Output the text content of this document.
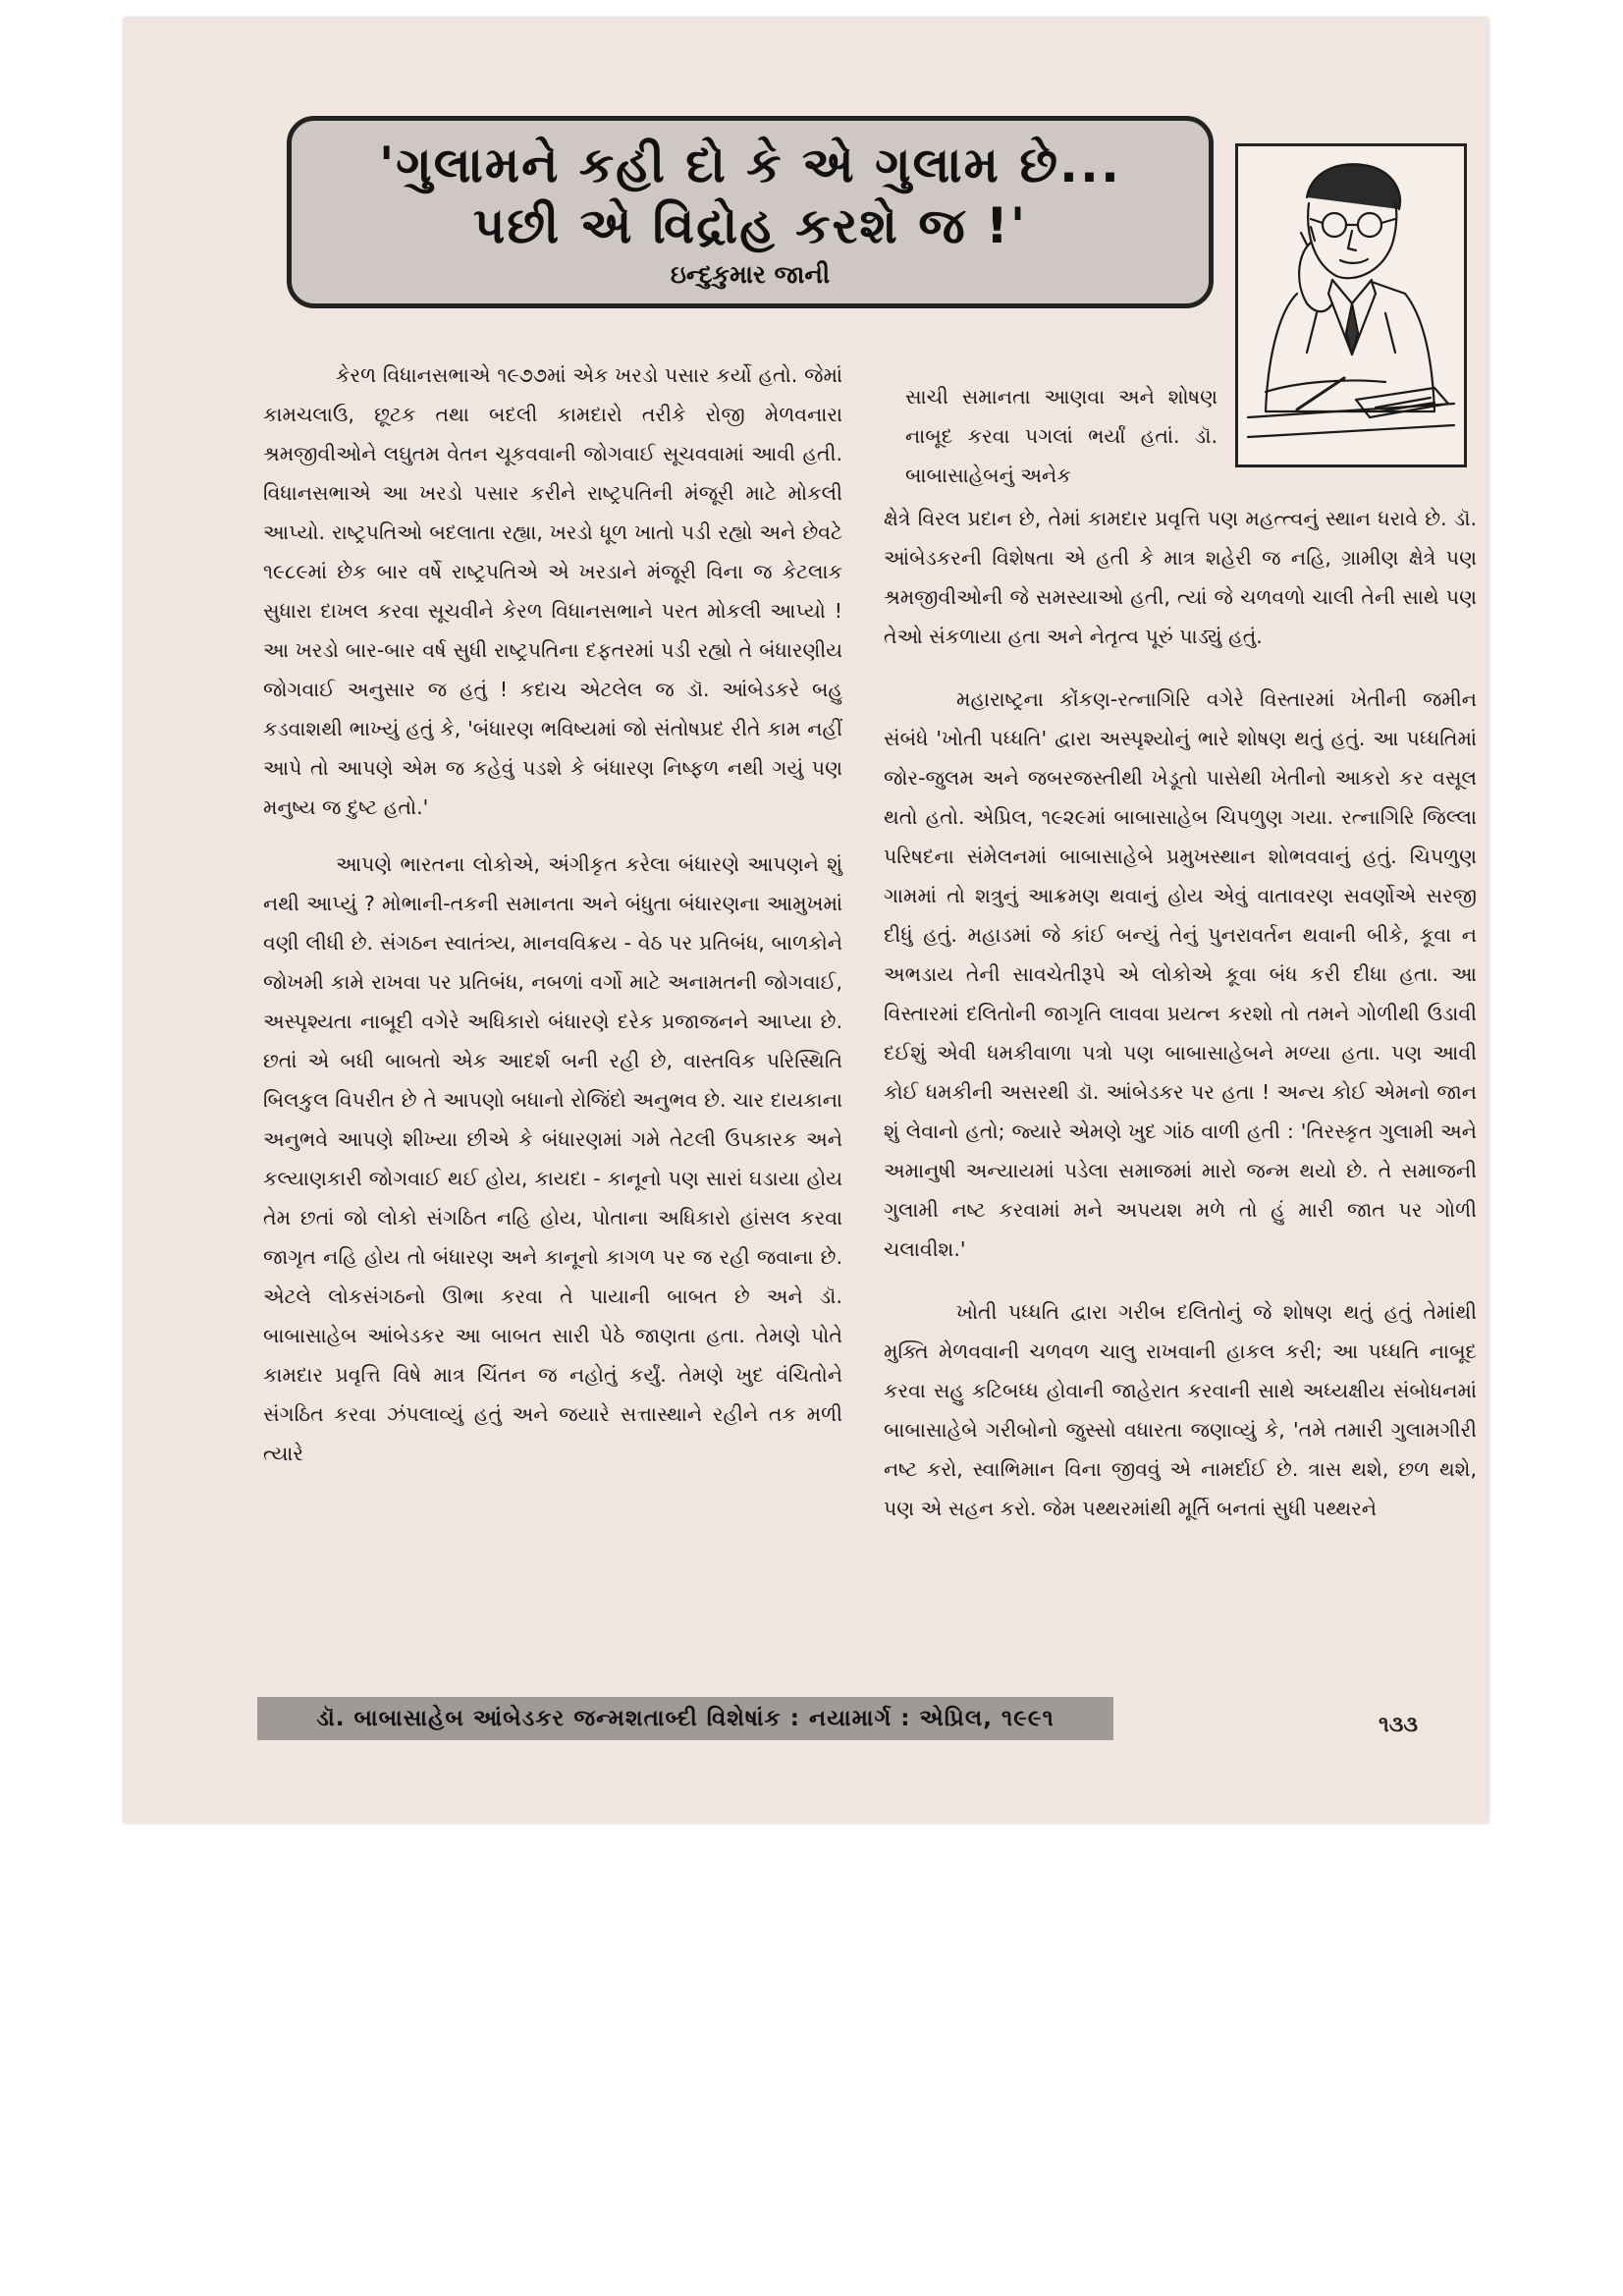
'ગુલામને કહી દો કે એ ગુલામ છે...
પછી એ વિદ્રોહ કરશે જ !'
ઇન્દુકુમાર જાની

કેરળ વિધાનસભાએ ૧૯૭૭માં એક ખરડો પસાર કર્યો હતો. જેમાં કામચલાઉ, છૂટક તથા બદલી કામદારો તરીકે રોજી મેળવનારા શ્રમજીવીઓને લઘુતમ વેતન ચૂકવવાની જોગવાઈ સૂચવવામાં આવી હતી. વિધાનસભાએ આ ખરડો પસાર કરીને રાષ્ટ્રપતિની મંજૂરી માટે મોકલી આપ્યો. રાષ્ટ્રપતિઓ બદલાતા રહ્યા, ખરડો ધૂળ ખાતો પડી રહ્યો અને છેવટે ૧૯૮૯માં છેક બાર વર્ષે રાષ્ટ્રપતિએ એ ખરડાને મંજૂરી વિના જ કેટલાક સુધારા દાખલ કરવા સૂચવીને કેરળ વિધાનસભાને પરત મોકલી આપ્યો ! આ ખરડો બાર-બાર વર્ષ સુધી રાષ્ટ્રપતિના દફતરમાં પડી રહ્યો તે બંધારણીય જોગવાઈ અનુસાર જ હતું ! કદાચ એટલેલ જ ડૉ. આંબેડકરે બહુ કડવાશથી ભાખ્યું હતું કે, 'બંધારણ ભવિષ્યમાં જો સંતોષપ્રદ રીતે કામ નહીં આપે તો આપણે એમ જ કહેવું પડશે કે બંધારણ નિષ્ફળ નથી ગયું પણ મનુષ્ય જ દુષ્ટ હતો.'

આપણે ભારતના લોકોએ, અંગીકૃત કરેલા બંધારણે આપણને શું નથી આપ્યું ? મોભાની-તકની સમાનતા અને બંધુતા બંધારણના આમુખમાં વણી લીધી છે. સંગઠન સ્વાતંત્ર્ય, માનવવિક્રય - વેઠ પર પ્રતિબંધ, બાળકોને જોખમી કામે રાખવા પર પ્રતિબંધ, નબળાં વર્ગો માટે અનામતની જોગવાઈ, અસ્પૃશ્યતા નાબૂદી વગેરે અધિકારો બંધારણે દરેક પ્રજાજનને આપ્યા છે. છતાં એ બધી બાબતો એક આદર્શ બની રહી છે, વાસ્તવિક પરિસ્થિતિ બિલકુલ વિપરીત છે તે આપણો બધાનો રોજિંદો અનુભવ છે. ચાર દાયકાના અનુભવે આપણે શીખ્યા છીએ કે બંધારણમાં ગમે તેટલી ઉપકારક અને કલ્યાણકારી જોગવાઈ થઈ હોય, કાયદા - કાનૂનો પણ સારાં ઘડાયા હોય તેમ છતાં જો લોકો સંગઠિત નહિ હોય, પોતાના અધિકારો હાંસલ કરવા જાગૃત નહિ હોય તો બંધારણ અને કાનૂનો કાગળ પર જ રહી જવાના છે. એટલે લોકસંગઠનો ઊભા કરવા તે પાયાની બાબત છે અને ડૉ. બાબાસાહેબ આંબેડકર આ બાબત સારી પેઠે જાણતા હતા. તેમણે પોતે કામદાર પ્રવૃત્તિ વિષે માત્ર ચિંતન જ નહોતું કર્યું. તેમણે ખુદ વંચિતોને સંગઠિત કરવા ઝંપલાવ્યું હતું અને જયારે સત્તાસ્થાને રહીને તક મળી ત્યારે

સાચી સમાનતા આણવા અને શોષણ નાબૂદ કરવા પગલાં ભર્યાં હતાં. ડૉ. બાબાસાહેબનું અનેક

ક્ષેત્રે વિરલ પ્રદાન છે, તેમાં કામદાર પ્રવૃત્તિ પણ મહત્ત્વનું સ્થાન ધરાવે છે. ડૉ. આંબેડકરની વિશેષતા એ હતી કે માત્ર શહેરી જ નહિ, ગ્રામીણ ક્ષેત્રે પણ શ્રમજીવીઓની જે સમસ્યાઓ હતી, ત્યાં જે ચળવળો ચાલી તેની સાથે પણ તેઓ સંકળાયા હતા અને નેતૃત્વ પૂરું પાડ્યું હતું.

મહારાષ્ટ્રના કોંકણ-રત્નાગિરિ વગેરે વિસ્તારમાં ખેતીની જમીન સંબંધે 'ખોતી પધ્ધતિ' દ્વારા અસ્પૃશ્યોનું ભારે શોષણ થતું હતું. આ પધ્ધતિમાં જોર-જુલમ અને જબરજસ્તીથી ખેડૂતો પાસેથી ખેતીનો આકરો કર વસૂલ થતો હતો. એપ્રિલ, ૧૯૨૯માં બાબાસાહેબ ચિપળુણ ગયા. રત્નાગિરિ જિલ્લા પરિષદના સંમેલનમાં બાબાસાહેબે પ્રમુખસ્થાન શોભવવાનું હતું. ચિપળુણ ગામમાં તો શત્રુનું આક્રમણ થવાનું હોય એવું વાતાવરણ સવર્ણોએ સરજી દીધું હતું. મહાડમાં જે કાંઈ બન્યું તેનું પુનરાવર્તન થવાની બીકે, કૂવા ન અભડાય તેની સાવચેતીરૂપે એ લોકોએ કૂવા બંધ કરી દીધા હતા. આ વિસ્તારમાં દલિતોની જાગૃતિ લાવવા પ્રયત્ન કરશો તો તમને ગોળીથી ઉડાવી દઈશું એવી ધમકીવાળા પત્રો પણ બાબાસાહેબને મળ્યા હતા. પણ આવી કોઈ ધમકીની અસરથી ડૉ. આંબેડકર પર હતા ! અન્ય કોઈ એમનો જાન શું લેવાનો હતો; જ્યારે એમણે ખુદ ગાંઠ વાળી હતી : 'તિરસ્કૃત ગુલામી અને અમાનુષી અન્યાયમાં પડેલા સમાજમાં મારો જન્મ થયો છે. તે સમાજની ગુલામી નષ્ટ કરવામાં મને અપયશ મળે તો હું મારી જાત પર ગોળી ચલાવીશ.'

ખોતી પધ્ધતિ દ્વારા ગરીબ દલિતોનું જે શોષણ થતું હતું તેમાંથી મુક્તિ મેળવવાની ચળવળ ચાલુ રાખવાની હાકલ કરી; આ પધ્ધતિ નાબૂદ કરવા સહુ કટિબધ્ધ હોવાની જાહેરાત કરવાની સાથે અધ્યક્ષીય સંબોધનમાં બાબાસાહેબે ગરીબોનો જુસ્સો વધારતા જણાવ્યું કે, 'તમે તમારી ગુલામગીરી નષ્ટ કરો, સ્વાભિમાન વિના જીવવું એ નામર્દાઈ છે. ત્રાસ થશે, છળ થશે, પણ એ સહન કરો. જેમ પથ્થરમાંથી મૂર્તિ બનતાં સુધી પથ્થરને

ડૉ. બાબાસાહેબ આંબેડકર જન્મશતાબ્દી વિશેષાંક : નયામાર્ગ : એપ્રિલ, ૧૯૯૧	૧૩૩
